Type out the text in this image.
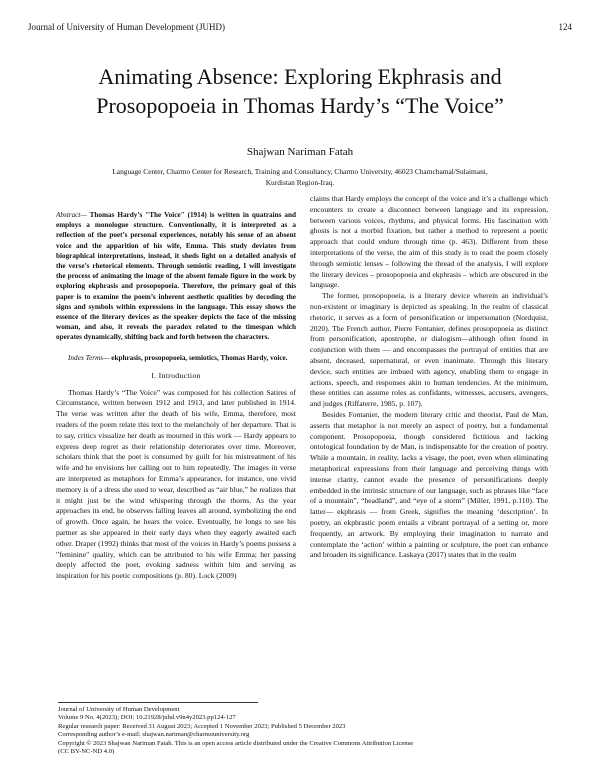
Journal of University of Human Development (JUHD)	124
Animating Absence: Exploring Ekphrasis and Prosopopoeia in Thomas Hardy’s “The Voice”
Shajwan Nariman Fatah
Language Center, Charmo Center for Research, Training and Consultancy, Charmo University, 46023 Chamchamal/Sulaimani, Kurdistan Region-Iraq.

Abstract— Thomas Hardy’s "The Voice" (1914) is written in quatrains and employs a monologue structure. Conventionally, it is interpreted as a reflection of the poet’s personal experiences, notably his sense of an absent voice and the apparition of his wife, Emma. This study deviates from biographical interpretations, instead, it sheds light on a detailed analysis of the verse’s rhetorical elements. Through semiotic reading, I will investigate the process of animating the image of the absent female figure in the work by exploring ekphrasis and prosopopoeia. Therefore, the primary goal of this paper is to examine the poem’s inherent aesthetic qualities by decoding the signs and symbols within expressions in the language. This essay shows the essence of the literary devices as the speaker depicts the face of the missing woman, and also, it reveals the paradox related to the timespan which operates dynamically, shifting back and forth between the characters.

Index Terms— ekphrasis, prosopopoeia, semiotics, Thomas Hardy, voice.

I. Introduction

Thomas Hardy’s “The Voice” was composed for his collection Satires of Circumstance, written between 1912 and 1913, and later published in 1914. The verse was written after the death of his wife, Emma, therefore, most readers of the poem relate this text to the melancholy of her departure. That is to say, critics visualize her death as mourned in this work — Hardy appears to express deep regret as their relationship deteriorates over time. Moreover, scholars think that the poet is consumed by guilt for his mistreatment of his wife and he envisions her calling out to him repeatedly. The images in verse are interpreted as metaphors for Emma’s appearance, for instance, one vivid memory is of a dress she used to wear, described as “air blue,” he realizes that it might just be the wind whispering through the thorns. As the year approaches its end, he observes falling leaves all around, symbolizing the end of growth. Once again, he hears the voice. Eventually, he longs to see his partner as she appeared in their early days when they eagerly awaited each other. Draper (1992) thinks that most of the voices in Hardy’s poems possess a "feminine" quality, which can be attributed to his wife Emma; her passing deeply affected the poet, evoking sadness within him and serving as inspiration for his poetic compositions (p. 80). Lock (2009)

claims that Hardy employs the concept of the voice and it’s a challenge which encounters to create a disconnect between language and its expression, between various voices, rhythms, and physical forms. His fascination with ghosts is not a morbid fixation, but rather a method to represent a poetic approach that could endure through time (p. 463). Different from these interpretations of the verse, the aim of this study is to read the poem closely through semiotic lenses – following the thread of the analysis, I will explore the literary devices – prosopopoeia and ekphrasis – which are obscured in the language.

The former, prosopopoeia, is a literary device wherein an individual’s non-existent or imaginary is depicted as speaking. In the realm of classical rhetoric, it serves as a form of personification or impersonation (Nordquist, 2020). The French author, Pierre Fontanier, defines prosopopoeia as distinct from personification, apostrophe, or dialogism—although often found in conjunction with them — and encompasses the portrayal of entities that are absent, deceased, supernatural, or even inanimate. Through this literary device, such entities are imbued with agency, enabling them to engage in actions, speech, and responses akin to human tendencies. At the minimum, these entities can assume roles as confidants, witnesses, accusers, avengers, and judges (Riffaterre, 1985, p. 107).

Besides Fontanier, the modern literary critic and theorist, Paul de Man, asserts that metaphor is not merely an aspect of poetry, but a fundamental component. Prosopopoeia, though considered fictitious and lacking ontological foundation by de Man, is indispensable for the creation of poetry. While a mountain, in reality, lacks a visage, the poet, even when eliminating metaphorical expressions from their language and perceiving things with intense clarity, cannot evade the presence of personifications deeply embedded in the intrinsic structure of our language, such as phrases like “face of a mountain”, “headland”, and “eye of a storm” (Miller, 1991, p.110). The latter— ekphrasis — from Greek, signifies the meaning ‘description’. In poetry, an ekphrastic poem entails a vibrant portrayal of a setting or, more frequently, an artwork. By employing their imagination to narrate and contemplate the ‘action’ within a painting or sculpture, the poet can enhance and broaden its significance. Laskaya (2017) states that in the realm

Journal of University of Human Development
Volume 9 No. 4(2023); DOI: 10.21928/juhd.v9n4y2023.pp124-127
Regular research paper: Received 31 August 2023; Accepted 1 November 2023; Published 5 December 2023
Corresponding author’s e-mail: shajwan.nariman@charmouniversity.org
Copyright © 2023 Shajwan Nariman Fatah. This is an open access article distributed under the Creative Commons Attribution License
(CC BY-NC-ND 4.0)
